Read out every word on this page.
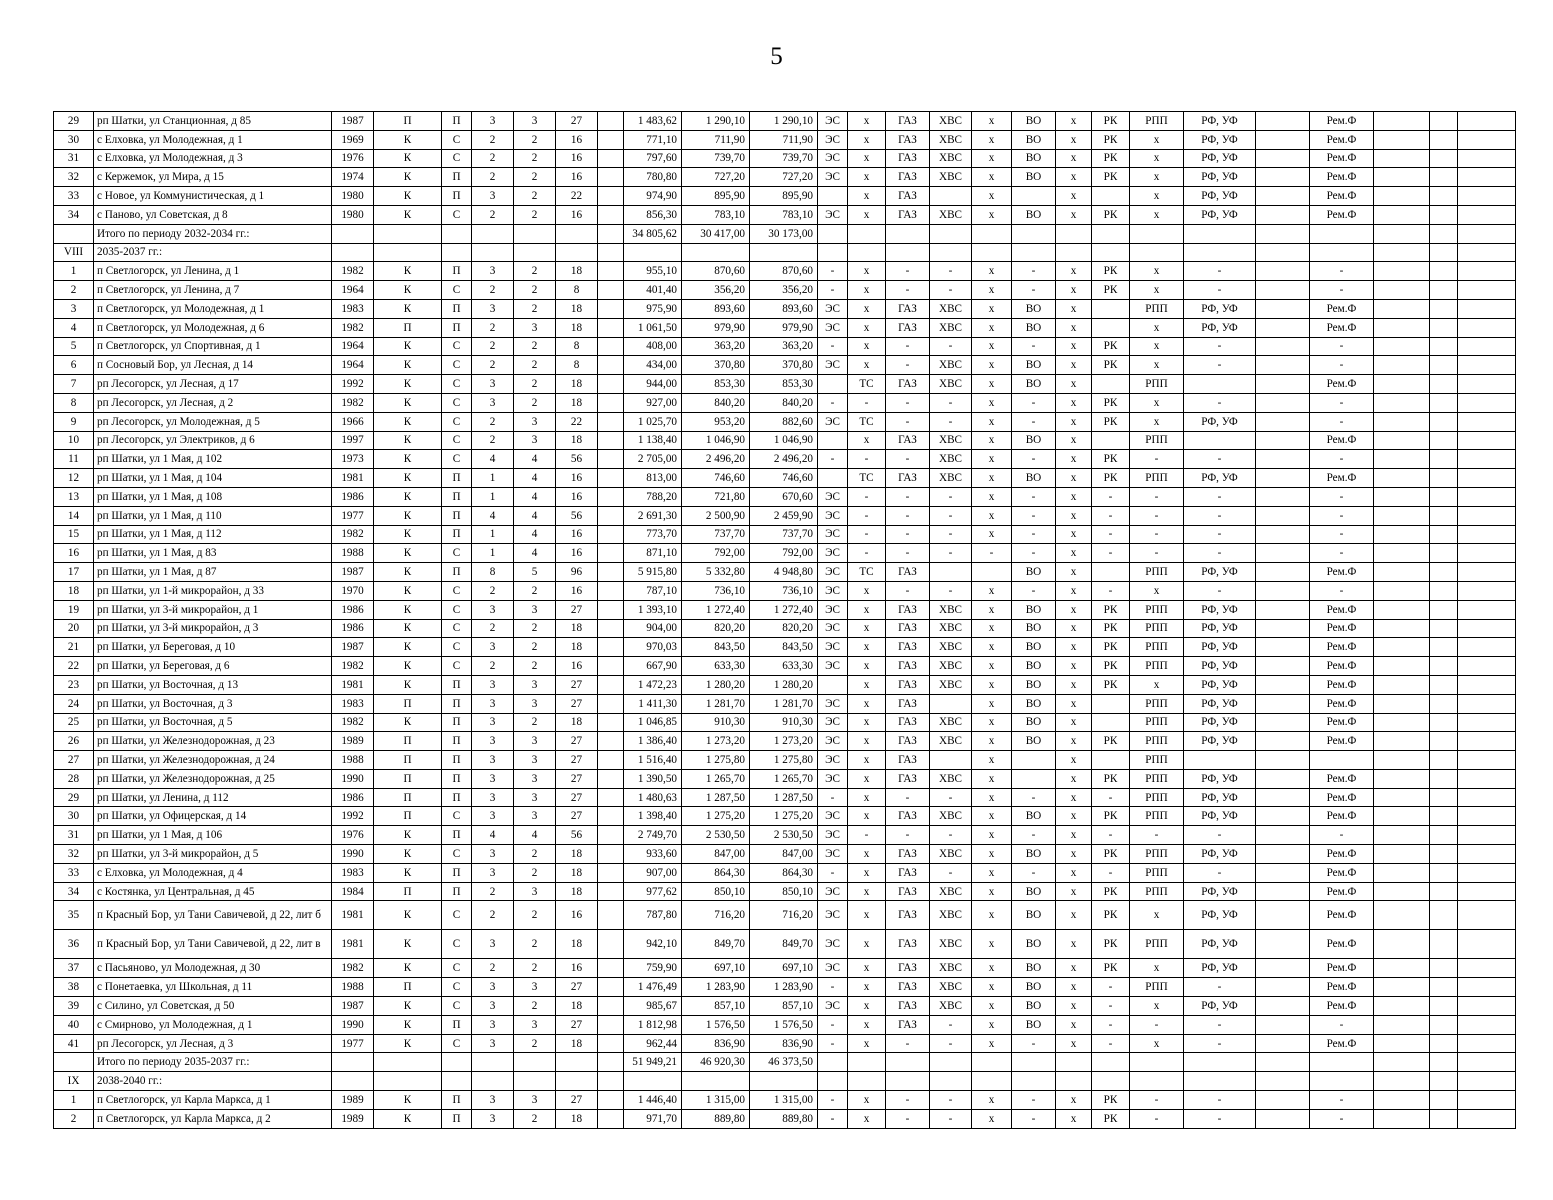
5
29	рп Шатки, ул Станционная, д 85	1987	П	П	3	3	27		1 483,62	1 290,10	1 290,10	ЭС	х	ГАЗ	ХВС	х	ВО	х	РК	РПП	РФ, УФ		Рем.Ф			
30	с Елховка, ул Молодежная, д 1	1969	К	С	2	2	16		771,10	711,90	711,90	ЭС	х	ГАЗ	ХВС	х	ВО	х	РК	х	РФ, УФ		Рем.Ф			
31	с Елховка, ул Молодежная, д 3	1976	К	С	2	2	16		797,60	739,70	739,70	ЭС	х	ГАЗ	ХВС	х	ВО	х	РК	х	РФ, УФ		Рем.Ф			
32	с Кержемок, ул Мира, д 15	1974	К	П	2	2	16		780,80	727,20	727,20	ЭС	х	ГАЗ	ХВС	х	ВО	х	РК	х	РФ, УФ		Рем.Ф			
33	с Новое, ул Коммунистическая, д 1	1980	К	П	3	2	22		974,90	895,90	895,90		х	ГАЗ		х		х		х	РФ, УФ		Рем.Ф			
34	с Паново, ул Советская, д 8	1980	К	С	2	2	16		856,30	783,10	783,10	ЭС	х	ГАЗ	ХВС	х	ВО	х	РК	х	РФ, УФ		Рем.Ф			
	Итого по периоду 2032-2034 гг.:								34 805,62	30 417,00	30 173,00															
VIII	2035-2037 гг.:																									
1	п Светлогорск, ул Ленина, д 1	1982	К	П	3	2	18		955,10	870,60	870,60	-	х	-	-	х	-	х	РК	х	-		-			
2	п Светлогорск, ул Ленина, д 7	1964	К	С	2	2	8		401,40	356,20	356,20	-	х	-	-	х	-	х	РК	х	-		-			
3	п Светлогорск, ул Молодежная, д 1	1983	К	П	3	2	18		975,90	893,60	893,60	ЭС	х	ГАЗ	ХВС	х	ВО	х		РПП	РФ, УФ		Рем.Ф			
4	п Светлогорск, ул Молодежная, д 6	1982	П	П	2	3	18		1 061,50	979,90	979,90	ЭС	х	ГАЗ	ХВС	х	ВО	х		х	РФ, УФ		Рем.Ф			
5	п Светлогорск, ул Спортивная, д 1	1964	К	С	2	2	8		408,00	363,20	363,20	-	х	-	-	х	-	х	РК	х	-		-			
6	п Сосновый Бор, ул Лесная, д 14	1964	К	С	2	2	8		434,00	370,80	370,80	ЭС	х	-	ХВС	х	ВО	х	РК	х	-		-			
7	рп Лесогорск, ул Лесная, д 17	1992	К	С	3	2	18		944,00	853,30	853,30		ТС	ГАЗ	ХВС	х	ВО	х		РПП			Рем.Ф			
8	рп Лесогорск, ул Лесная, д 2	1982	К	С	3	2	18		927,00	840,20	840,20	-	-	-	-	х	-	х	РК	х	-		-			
9	рп Лесогорск, ул Молодежная, д 5	1966	К	С	2	3	22		1 025,70	953,20	882,60	ЭС	ТС	-	-	х	-	х	РК	х	РФ, УФ		-			
10	рп Лесогорск, ул Электриков, д 6	1997	К	С	2	3	18		1 138,40	1 046,90	1 046,90		х	ГАЗ	ХВС	х	ВО	х		РПП			Рем.Ф			
11	рп Шатки, ул 1 Мая, д 102	1973	К	С	4	4	56		2 705,00	2 496,20	2 496,20	-	-	-	ХВС	х	-	х	РК	-	-		-			
12	рп Шатки, ул 1 Мая, д 104	1981	К	П	1	4	16		813,00	746,60	746,60		ТС	ГАЗ	ХВС	х	ВО	х	РК	РПП	РФ, УФ		Рем.Ф			
13	рп Шатки, ул 1 Мая, д 108	1986	К	П	1	4	16		788,20	721,80	670,60	ЭС	-	-	-	х	-	х	-	-	-		-			
14	рп Шатки, ул 1 Мая, д 110	1977	К	П	4	4	56		2 691,30	2 500,90	2 459,90	ЭС	-	-	-	х	-	х	-	-	-		-			
15	рп Шатки, ул 1 Мая, д 112	1982	К	П	1	4	16		773,70	737,70	737,70	ЭС	-	-	-	х	-	х	-	-	-		-			
16	рп Шатки, ул 1 Мая, д 83	1988	К	С	1	4	16		871,10	792,00	792,00	ЭС	-	-	-	-	-	х	-	-	-		-			
17	рп Шатки, ул 1 Мая, д 87	1987	К	П	8	5	96		5 915,80	5 332,80	4 948,80	ЭС	ТС	ГАЗ			ВО	х		РПП	РФ, УФ		Рем.Ф			
18	рп Шатки, ул 1-й микрорайон, д 33	1970	К	С	2	2	16		787,10	736,10	736,10	ЭС	х	-	-	х	-	х	-	х	-		-			
19	рп Шатки, ул 3-й микрорайон, д 1	1986	К	С	3	3	27		1 393,10	1 272,40	1 272,40	ЭС	х	ГАЗ	ХВС	х	ВО	х	РК	РПП	РФ, УФ		Рем.Ф			
20	рп Шатки, ул 3-й микрорайон, д 3	1986	К	С	2	2	18		904,00	820,20	820,20	ЭС	х	ГАЗ	ХВС	х	ВО	х	РК	РПП	РФ, УФ		Рем.Ф			
21	рп Шатки, ул Береговая, д 10	1987	К	С	3	2	18		970,03	843,50	843,50	ЭС	х	ГАЗ	ХВС	х	ВО	х	РК	РПП	РФ, УФ		Рем.Ф			
22	рп Шатки, ул Береговая, д 6	1982	К	С	2	2	16		667,90	633,30	633,30	ЭС	х	ГАЗ	ХВС	х	ВО	х	РК	РПП	РФ, УФ		Рем.Ф			
23	рп Шатки, ул Восточная, д 13	1981	К	П	3	3	27		1 472,23	1 280,20	1 280,20		х	ГАЗ	ХВС	х	ВО	х	РК	х	РФ, УФ		Рем.Ф			
24	рп Шатки, ул Восточная, д 3	1983	П	П	3	3	27		1 411,30	1 281,70	1 281,70	ЭС	х	ГАЗ		х	ВО	х		РПП	РФ, УФ		Рем.Ф			
25	рп Шатки, ул Восточная, д 5	1982	К	П	3	2	18		1 046,85	910,30	910,30	ЭС	х	ГАЗ	ХВС	х	ВО	х		РПП	РФ, УФ		Рем.Ф			
26	рп Шатки, ул Железнодорожная, д 23	1989	П	П	3	3	27		1 386,40	1 273,20	1 273,20	ЭС	х	ГАЗ	ХВС	х	ВО	х	РК	РПП	РФ, УФ		Рем.Ф			
27	рп Шатки, ул Железнодорожная, д 24	1988	П	П	3	3	27		1 516,40	1 275,80	1 275,80	ЭС	х	ГАЗ		х		х		РПП						
28	рп Шатки, ул Железнодорожная, д 25	1990	П	П	3	3	27		1 390,50	1 265,70	1 265,70	ЭС	х	ГАЗ	ХВС	х		х	РК	РПП	РФ, УФ		Рем.Ф			
29	рп Шатки, ул Ленина, д 112	1986	П	П	3	3	27		1 480,63	1 287,50	1 287,50	-	х	-	-	х	-	х	-	РПП	РФ, УФ		Рем.Ф			
30	рп Шатки, ул Офицерская, д 14	1992	П	С	3	3	27		1 398,40	1 275,20	1 275,20	ЭС	х	ГАЗ	ХВС	х	ВО	х	РК	РПП	РФ, УФ		Рем.Ф			
31	рп Шатки, ул 1 Мая, д 106	1976	К	П	4	4	56		2 749,70	2 530,50	2 530,50	ЭС	-	-	-	х	-	х	-	-	-		-			
32	рп Шатки, ул 3-й микрорайон, д 5	1990	К	С	3	2	18		933,60	847,00	847,00	ЭС	х	ГАЗ	ХВС	х	ВО	х	РК	РПП	РФ, УФ		Рем.Ф			
33	с Елховка, ул Молодежная, д 4	1983	К	П	3	2	18		907,00	864,30	864,30	-	х	ГАЗ	-	х	-	х	-	РПП	-		Рем.Ф			
34	с Костянка, ул Центральная, д 45	1984	П	П	2	3	18		977,62	850,10	850,10	ЭС	х	ГАЗ	ХВС	х	ВО	х	РК	РПП	РФ, УФ		Рем.Ф			
35	п Красный Бор, ул Тани Савичевой, д 22, лит б	1981	К	С	2	2	16		787,80	716,20	716,20	ЭС	х	ГАЗ	ХВС	х	ВО	х	РК	х	РФ, УФ		Рем.Ф			
36	п Красный Бор, ул Тани Савичевой, д 22, лит в	1981	К	С	3	2	18		942,10	849,70	849,70	ЭС	х	ГАЗ	ХВС	х	ВО	х	РК	РПП	РФ, УФ		Рем.Ф			
37	с Пасьяново, ул Молодежная, д 30	1982	К	С	2	2	16		759,90	697,10	697,10	ЭС	х	ГАЗ	ХВС	х	ВО	х	РК	х	РФ, УФ		Рем.Ф			
38	с Понетаевка, ул Школьная, д 11	1988	П	С	3	3	27		1 476,49	1 283,90	1 283,90	-	х	ГАЗ	ХВС	х	ВО	х	-	РПП	-		Рем.Ф			
39	с Силино, ул Советская, д 50	1987	К	С	3	2	18		985,67	857,10	857,10	ЭС	х	ГАЗ	ХВС	х	ВО	х	-	х	РФ, УФ		Рем.Ф			
40	с Смирново, ул Молодежная, д 1	1990	К	П	3	3	27		1 812,98	1 576,50	1 576,50	-	х	ГАЗ	-	х	ВО	х	-	-	-		-			
41	рп Лесогорск, ул Лесная, д 3	1977	К	С	3	2	18		962,44	836,90	836,90	-	х	-	-	х	-	х	-	х	-		Рем.Ф			
	Итого по периоду 2035-2037 гг.:								51 949,21	46 920,30	46 373,50															
IX	2038-2040 гг.:																									
1	п Светлогорск, ул Карла Маркса, д 1	1989	К	П	3	3	27		1 446,40	1 315,00	1 315,00	-	х	-	-	х	-	х	РК	-	-		-			
2	п Светлогорск, ул Карла Маркса, д 2	1989	К	П	3	2	18		971,70	889,80	889,80	-	х	-	-	х	-	х	РК	-	-		-			
